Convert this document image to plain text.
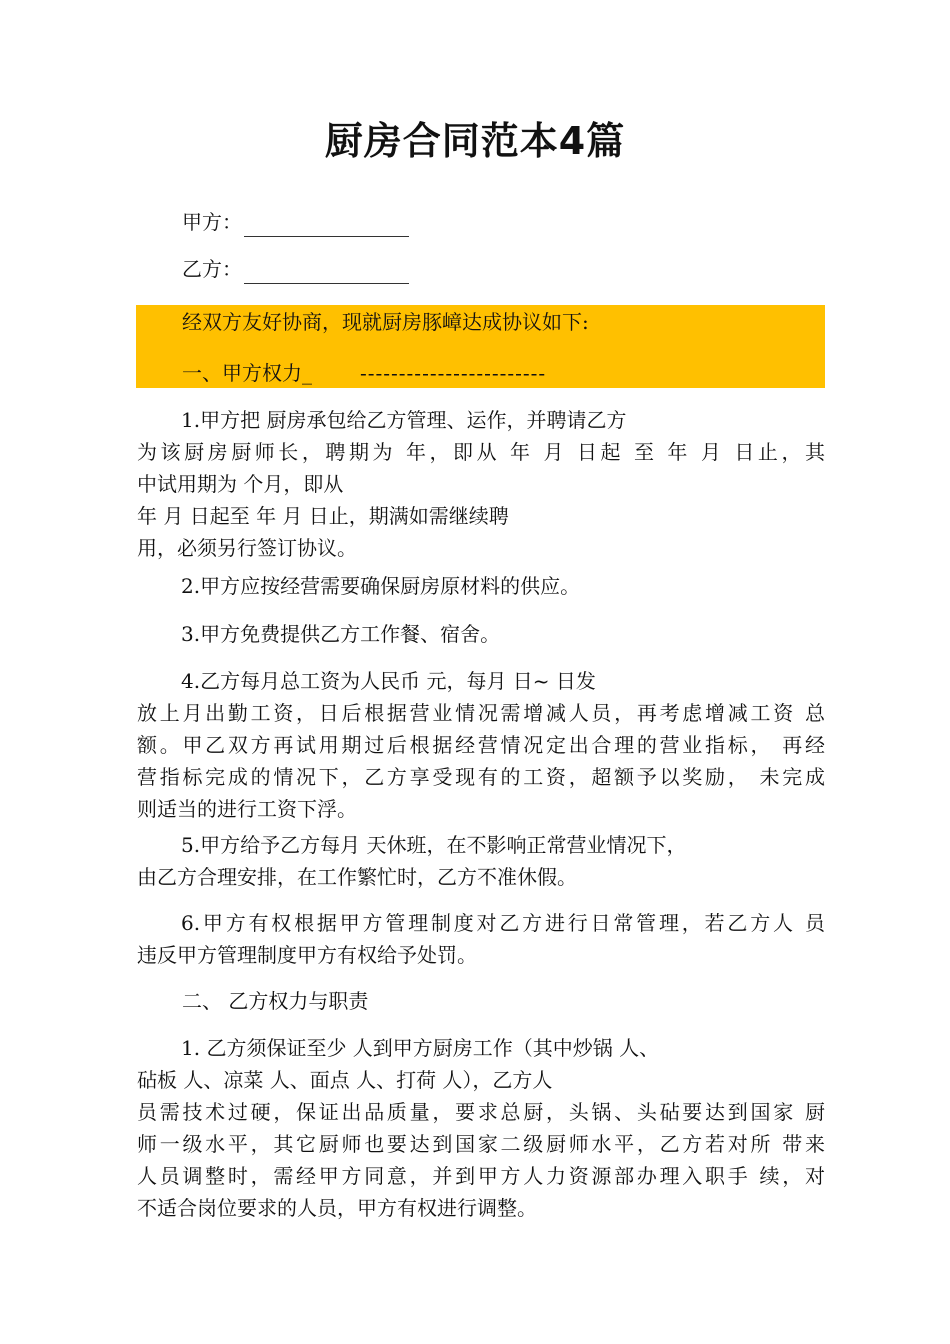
厨房合同范本4篇
甲方：
乙方：
经双方友好协商，现就厨房豚嶂达成协议如下:
一、甲方权力_ ------------------------
1.甲方把 厨房承包给乙方管理、运作，并聘请乙方
为该厨房厨师长，聘期为 年，即从 年 月 日起 至 年 月 日止，其
中试用期为 个月，即从
年 月 日起至 年 月 日止，期满如需继续聘
用，必须另行签订协议。
2.甲方应按经营需要确保厨房原材料的供应。
3.甲方免费提供乙方工作餐、宿舍。
4.乙方每月总工资为人民币 元，每月 日~ 日发
放上月出勤工资，日后根据营业情况需增减人员，再考虑增减工资 总
额。甲乙双方再试用期过后根据经营情况定出合理的营业指标， 再经
营指标完成的情况下，乙方享受现有的工资，超额予以奖励， 未完成
则适当的进行工资下浮。
5.甲方给予乙方每月 天休班，在不影响正常营业情况下，
由乙方合理安排，在工作繁忙时，乙方不准休假。
6.甲方有权根据甲方管理制度对乙方进行日常管理，若乙方人 员
违反甲方管理制度甲方有权给予处罚。
二、 乙方权力与职责
1. 乙方须保证至少 人到甲方厨房工作（其中炒锅 人、
砧板 人、凉菜 人、面点 人、打荷 人），乙方人
员需技术过硬，保证出品质量，要求总厨，头锅、头砧要达到国家 厨
师一级水平，其它厨师也要达到国家二级厨师水平，乙方若对所 带来
人员调整时，需经甲方同意，并到甲方人力资源部办理入职手 续，对
不适合岗位要求的人员，甲方有权进行调整。
